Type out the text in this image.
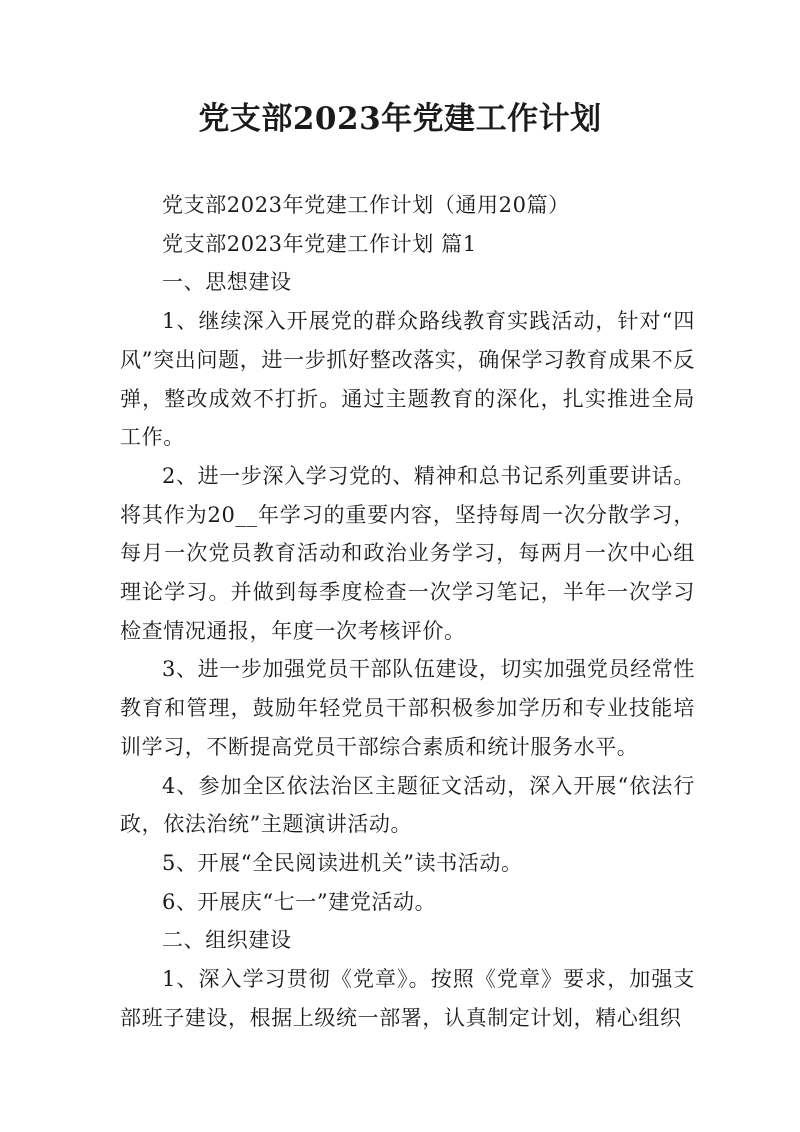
党支部2023年党建工作计划

党支部2023年党建工作计划（通用20篇）

党支部2023年党建工作计划 篇1

一、思想建设

1、继续深入开展党的群众路线教育实践活动，针对“四风”突出问题，进一步抓好整改落实，确保学习教育成果不反弹，整改成效不打折。通过主题教育的深化，扎实推进全局工作。

2、进一步深入学习党的、精神和总书记系列重要讲话。将其作为20__年学习的重要内容，坚持每周一次分散学习，每月一次党员教育活动和政治业务学习，每两月一次中心组理论学习。并做到每季度检查一次学习笔记，半年一次学习检查情况通报，年度一次考核评价。

3、进一步加强党员干部队伍建设，切实加强党员经常性教育和管理，鼓励年轻党员干部积极参加学历和专业技能培训学习，不断提高党员干部综合素质和统计服务水平。

4、参加全区依法治区主题征文活动，深入开展“依法行政，依法治统”主题演讲活动。

5、开展“全民阅读进机关”读书活动。

6、开展庆“七一”建党活动。

二、组织建设

1、深入学习贯彻《党章》。按照《党章》要求，加强支部班子建设，根据上级统一部署，认真制定计划，精心组织
